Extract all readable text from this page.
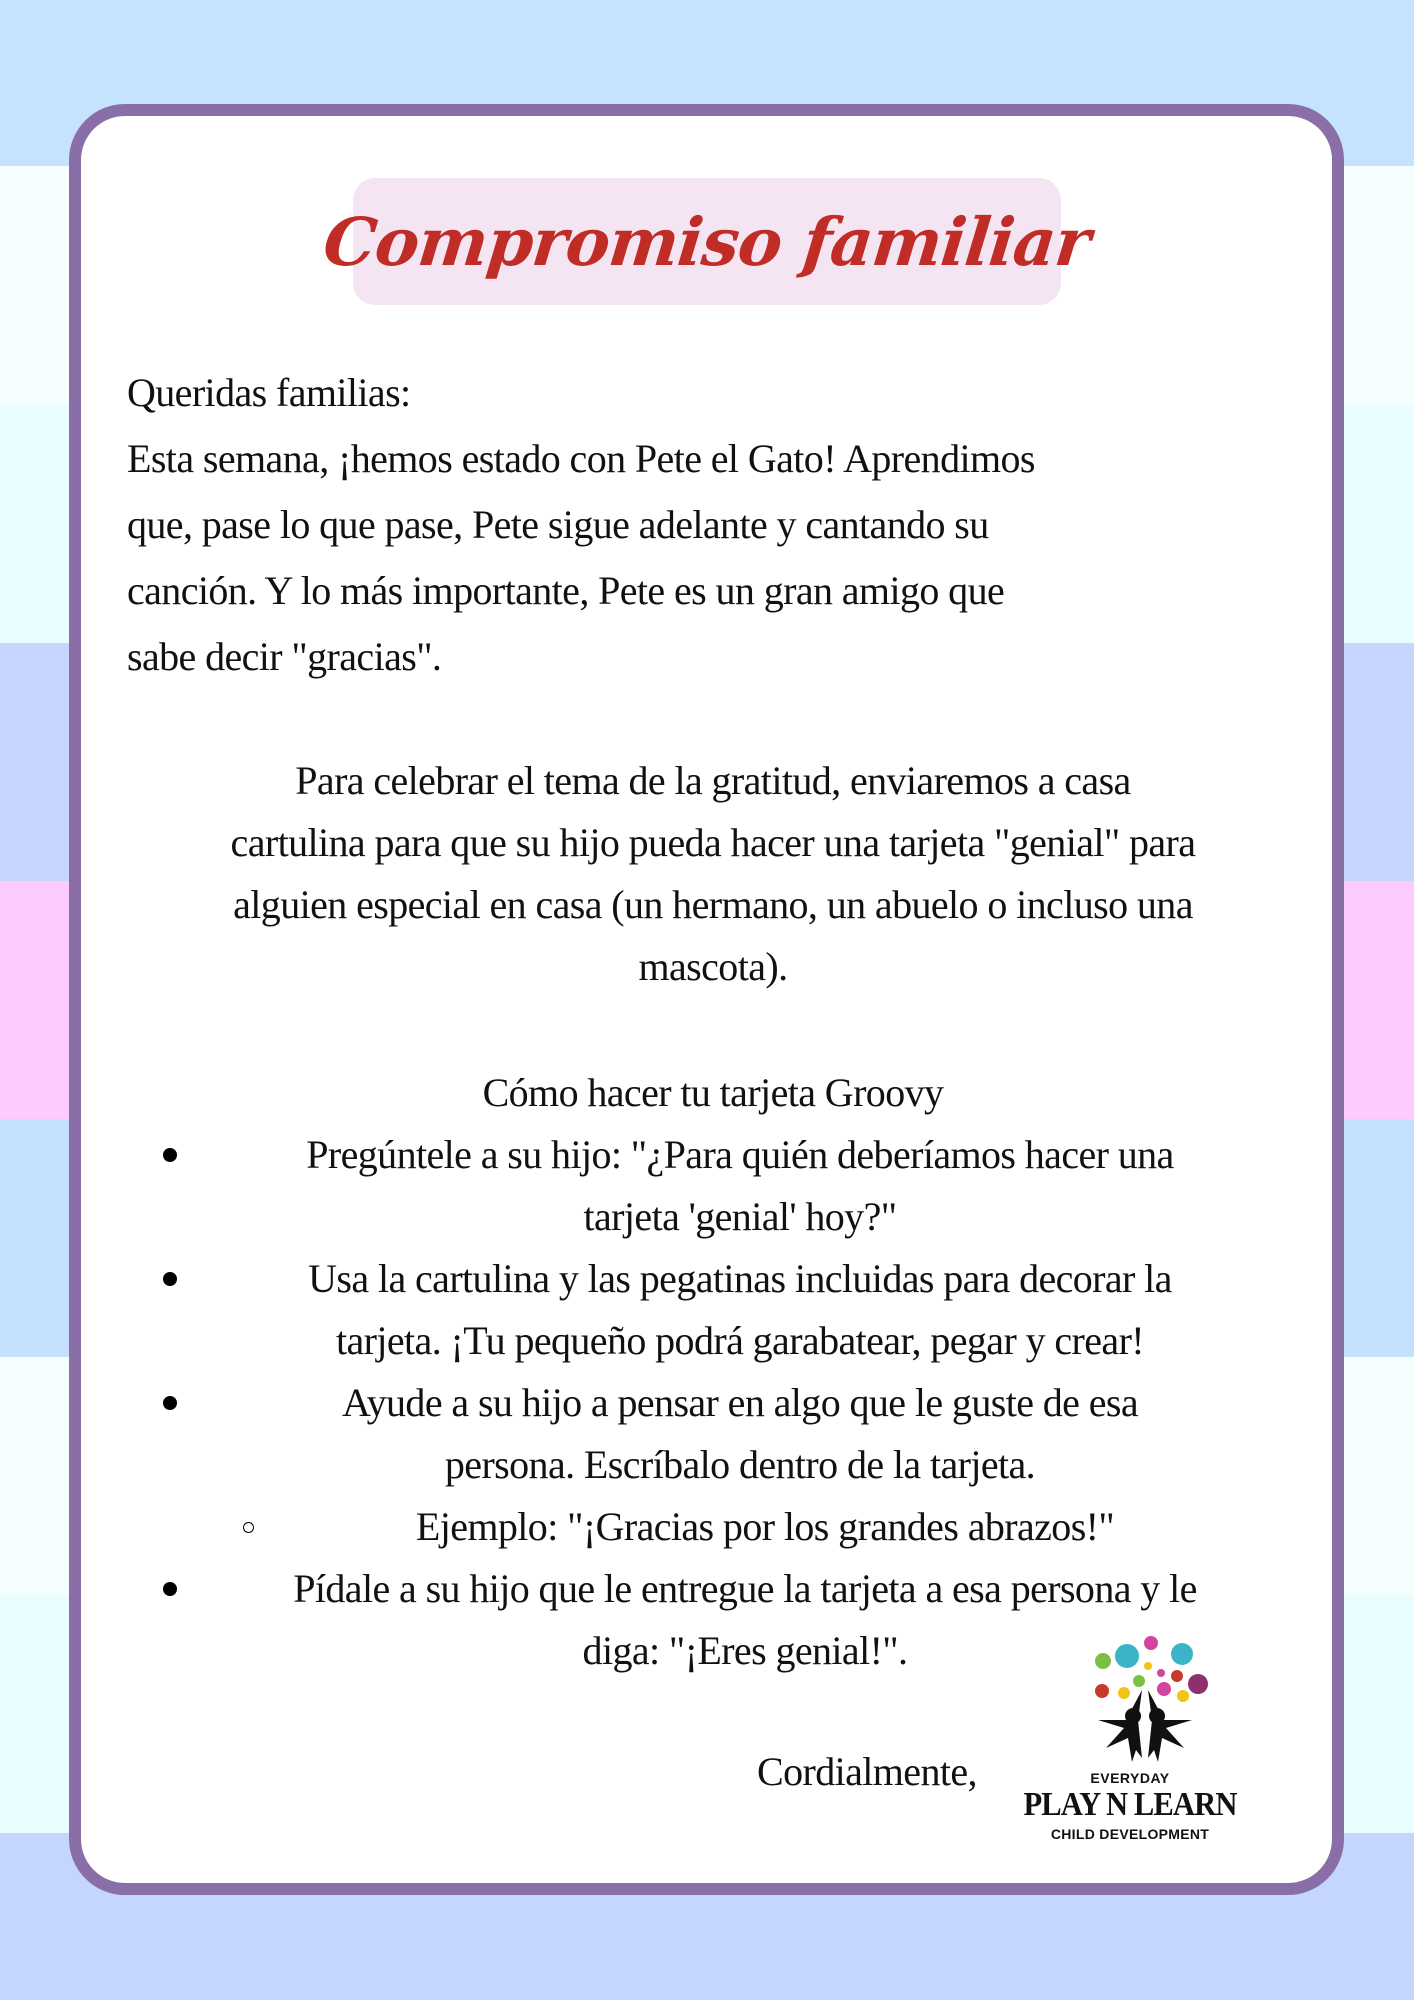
Compromiso familiar
Queridas familias:
Esta semana, ¡hemos estado con Pete el Gato! Aprendimos
que, pase lo que pase, Pete sigue adelante y cantando su
canción. Y lo más importante, Pete es un gran amigo que
sabe decir "gracias".
Para celebrar el tema de la gratitud, enviaremos a casa
cartulina para que su hijo pueda hacer una tarjeta "genial" para
alguien especial en casa (un hermano, un abuelo o incluso una
mascota).
Cómo hacer tu tarjeta Groovy
Pregúntele a su hijo: "¿Para quién deberíamos hacer una
tarjeta 'genial' hoy?"
Usa la cartulina y las pegatinas incluidas para decorar la
tarjeta. ¡Tu pequeño podrá garabatear, pegar y crear!
Ayude a su hijo a pensar en algo que le guste de esa
persona. Escríbalo dentro de la tarjeta.
Ejemplo: "¡Gracias por los grandes abrazos!"
Pídale a su hijo que le entregue la tarjeta a esa persona y le
diga: "¡Eres genial!".
Cordialmente,	EVERYDAY
PLAY N LEARN
CHILD DEVELOPMENT
